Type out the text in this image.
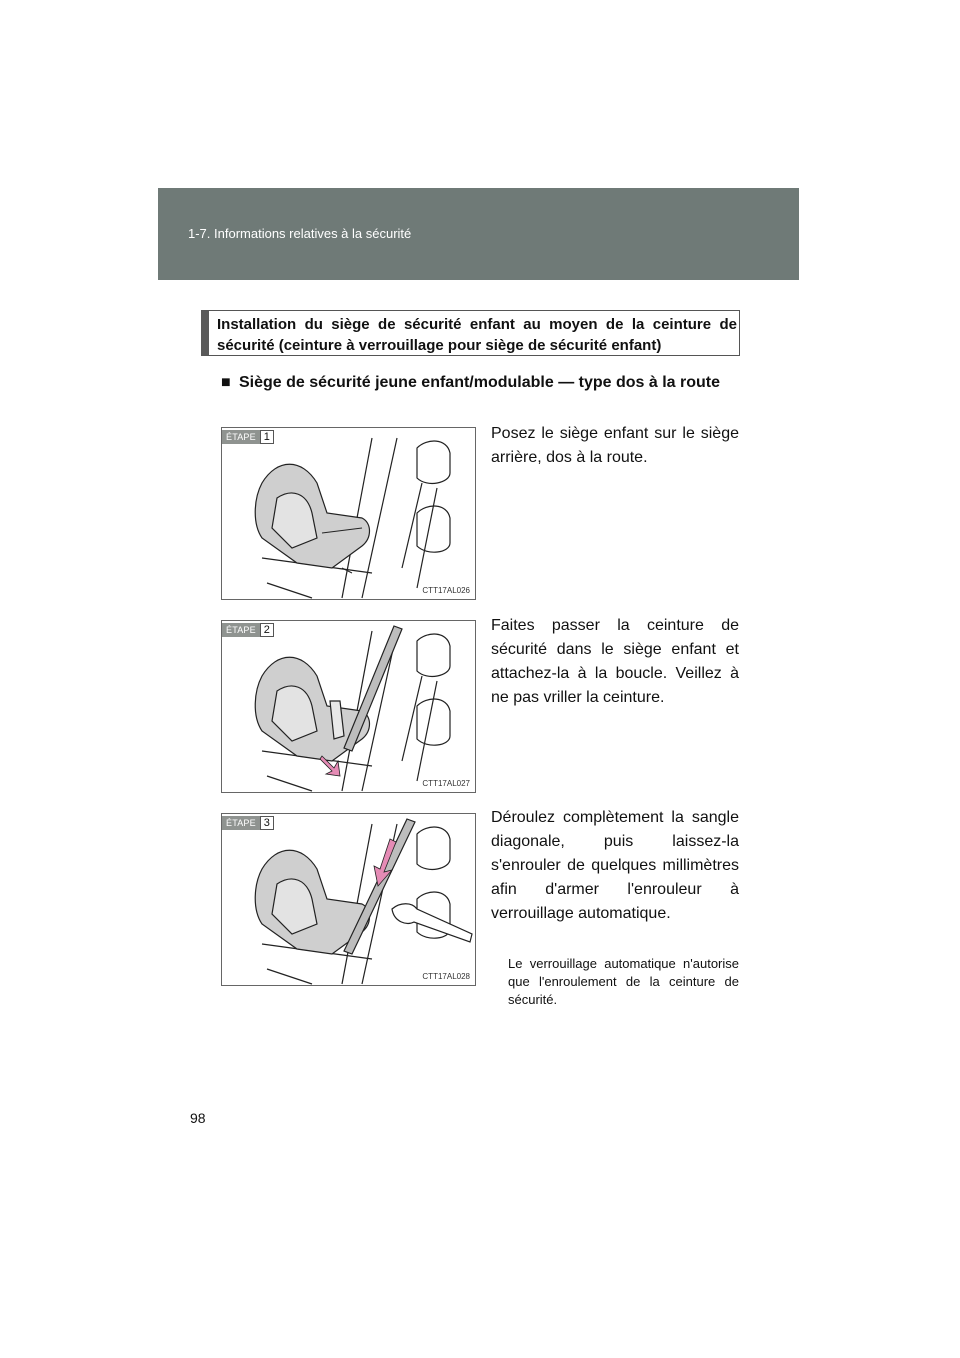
1-7. Informations relatives à la sécurité
Installation du siège de sécurité enfant au moyen de la ceinture de sécurité (ceinture à verrouillage pour siège de sécurité enfant)
■ Siège de sécurité jeune enfant/modulable — type dos à la route
ÉTAPE 1
CTT17AL026
Posez le siège enfant sur le siège arrière, dos à la route.
ÉTAPE 2
CTT17AL027
Faites passer la ceinture de sécurité dans le siège enfant et attachez-la à la boucle. Veillez à ne pas vriller la ceinture.
ÉTAPE 3
CTT17AL028
Déroulez complètement la sangle diagonale, puis laissez-la s'enrouler de quelques millimètres afin d'armer l'enrouleur à verrouillage automatique.
Le verrouillage automatique n'autorise que l'enroulement de la ceinture de sécurité.
98
